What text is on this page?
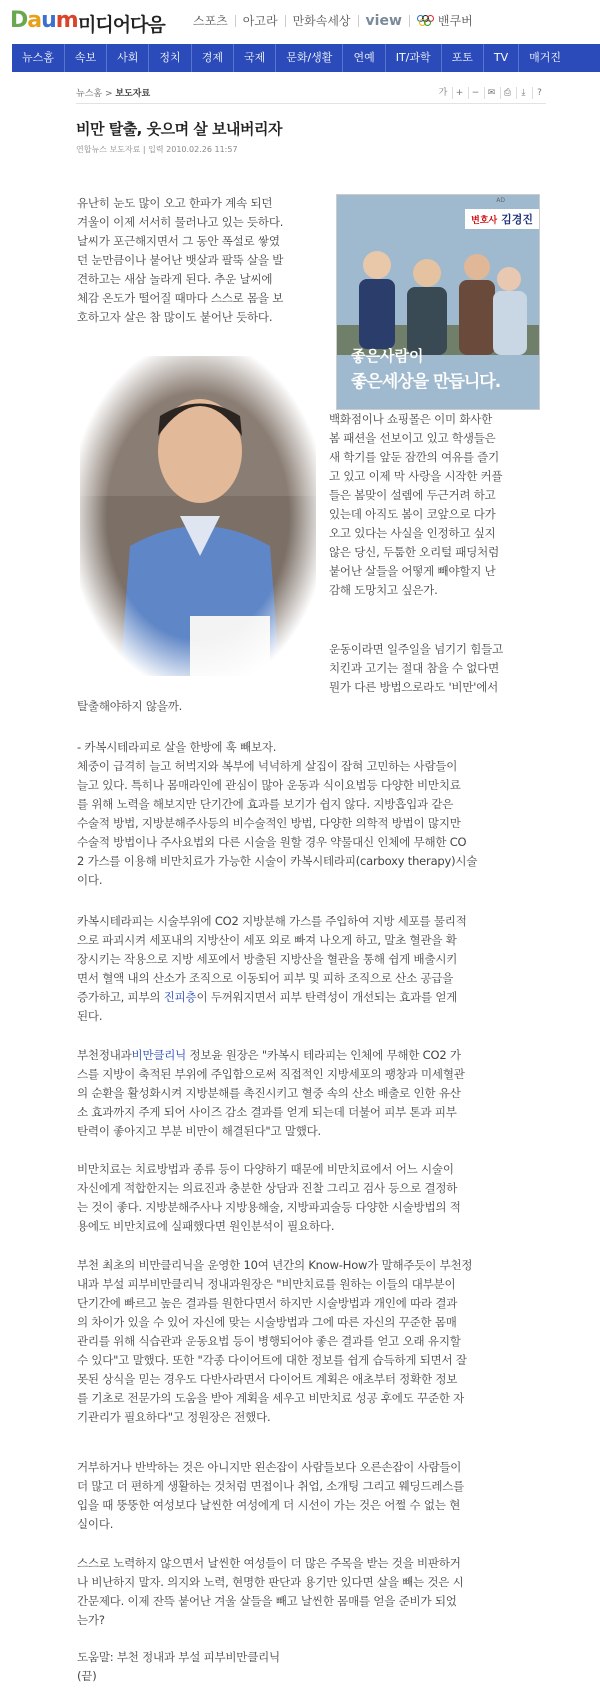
Daum 미디어다음	스포츠	아고라	만화속세상	view	밴쿠버
뉴스홈	속보	사회	정치	경제	국제	문화/생활	연예	IT/과학	포토	TV	매거진
뉴스홈 > 보도자료	가 + − ✉ ⎙	⤓	?
비만 탈출, 웃으며 살 보내버리자
연합뉴스 보도자료 | 입력 2010.02.26 11:57
AD
변호사 김경진
좋은사람이
좋은세상을 만듭니다.
유난히 눈도 많이 오고 한파가 계속 되던
겨울이 이제 서서히 물러나고 있는 듯하다.
날씨가 포근해지면서 그 동안 폭설로 쌓였
던 눈만큼이나 붙어난 뱃살과 팔뚝 살을 발
견하고는 새삼 놀라게 된다. 추운 날씨에
체감 온도가 떨어질 때마다 스스로 몸을 보
호하고자 살은 참 많이도 붙어난 듯하다.
백화점이나 쇼핑몰은 이미 화사한
봄 패션을 선보이고 있고 학생들은
새 학기를 앞둔 잠깐의 여유를 즐기
고 있고 이제 막 사랑을 시작한 커플
들은 봄맞이 설렘에 두근거려 하고
있는데 아직도 봄이 코앞으로 다가
오고 있다는 사실을 인정하고 싶지
않은 당신, 두툼한 오리털 패딩처럼
붙어난 살들을 어떻게 빼야할지 난
감해 도망치고 싶은가.
운동이라면 일주일을 넘기기 힘들고
치킨과 고기는 절대 참을 수 없다면
뭔가 다른 방법으로라도 '비만'에서
탈출해야하지 않을까.
- 카복시테라피로 살을 한방에 훅 빼보자.
체중이 급격히 늘고 허벅지와 복부에 넉넉하게 살집이 잡혀 고민하는 사람들이
늘고 있다. 특히나 몸매라인에 관심이 많아 운동과 식이요법등 다양한 비만치료
를 위해 노력을 해보지만 단기간에 효과를 보기가 쉽지 않다. 지방흡입과 같은
수술적 방법, 지방분해주사등의 비수술적인 방법, 다양한 의학적 방법이 많지만
수술적 방법이나 주사요법외 다른 시술을 원할 경우 약물대신 인체에 무해한 CO
2 가스를 이용해 비만치료가 가능한 시술이 카복시테라피(carboxy therapy)시술
이다.
카복시테라피는 시술부위에 CO2 지방분해 가스를 주입하여 지방 세포를 물리적
으로 파괴시켜 세포내의 지방산이 세포 외로 빠져 나오게 하고, 말초 혈관을 확
장시키는 작용으로 지방 세포에서 방출된 지방산을 혈관을 통해 쉽게 배출시키
면서 혈액 내의 산소가 조직으로 이동되어 피부 및 피하 조직으로 산소 공급을
증가하고, 피부의 진피층이 두꺼워지면서 피부 탄력성이 개선되는 효과를 얻게
된다.
부천정내과비만클리닉 정보윤 원장은 "카복시 테라피는 인체에 무해한 CO2 가
스를 지방이 축적된 부위에 주입함으로써 직접적인 지방세포의 팽창과 미세혈관
의 순환을 활성화시켜 지방분해를 촉진시키고 혈중 속의 산소 배출로 인한 유산
소 효과까지 주게 되어 사이즈 감소 결과를 얻게 되는데 더불어 피부 톤과 피부
탄력이 좋아지고 부분 비만이 해결된다"고 말했다.
비만치료는 치료방법과 종류 등이 다양하기 때문에 비만치료에서 어느 시술이
자신에게 적합한지는 의료진과 충분한 상담과 진찰 그리고 검사 등으로 결정하
는 것이 좋다. 지방분해주사나 지방용해술, 지방파괴술등 다양한 시술방법의 적
용에도 비만치료에 실패했다면 원인분석이 필요하다.
부천 최초의 비만클리닉을 운영한 10여 년간의 Know-How가 말해주듯이 부천정
내과 부설 피부비만클리닉 정내과원장은 "비만치료를 원하는 이들의 대부분이
단기간에 빠르고 높은 결과를 원한다면서 하지만 시술방법과 개인에 따라 결과
의 차이가 있을 수 있어 자신에 맞는 시술방법과 그에 따른 자신의 꾸준한 몸매
관리를 위해 식습관과 운동요법 등이 병행되어야 좋은 결과를 얻고 오래 유지할
수 있다"고 말했다. 또한 "각종 다이어트에 대한 정보를 쉽게 습득하게 되면서 잘
못된 상식을 믿는 경우도 다반사라면서 다이어트 계획은 애초부터 정확한 정보
를 기초로 전문가의 도움을 받아 계획을 세우고 비만치료 성공 후에도 꾸준한 자
기관리가 필요하다"고 정원장은 전했다.
거부하거나 반박하는 것은 아니지만 왼손잡이 사람들보다 오른손잡이 사람들이
더 많고 더 편하게 생활하는 것처럼 면접이나 취업, 소개팅 그리고 웨딩드레스를
입을 때 뚱뚱한 여성보다 날씬한 여성에게 더 시선이 가는 것은 어쩔 수 없는 현
실이다.
스스로 노력하지 않으면서 날씬한 여성들이 더 많은 주목을 받는 것을 비판하거
나 비난하지 말자. 의지와 노력, 현명한 판단과 용기만 있다면 살을 빼는 것은 시
간문제다. 이제 잔뜩 붙어난 겨울 살들을 빼고 날씬한 몸매를 얻을 준비가 되었
는가?
도움말: 부천 정내과 부설 피부비만클리닉
(끝)
